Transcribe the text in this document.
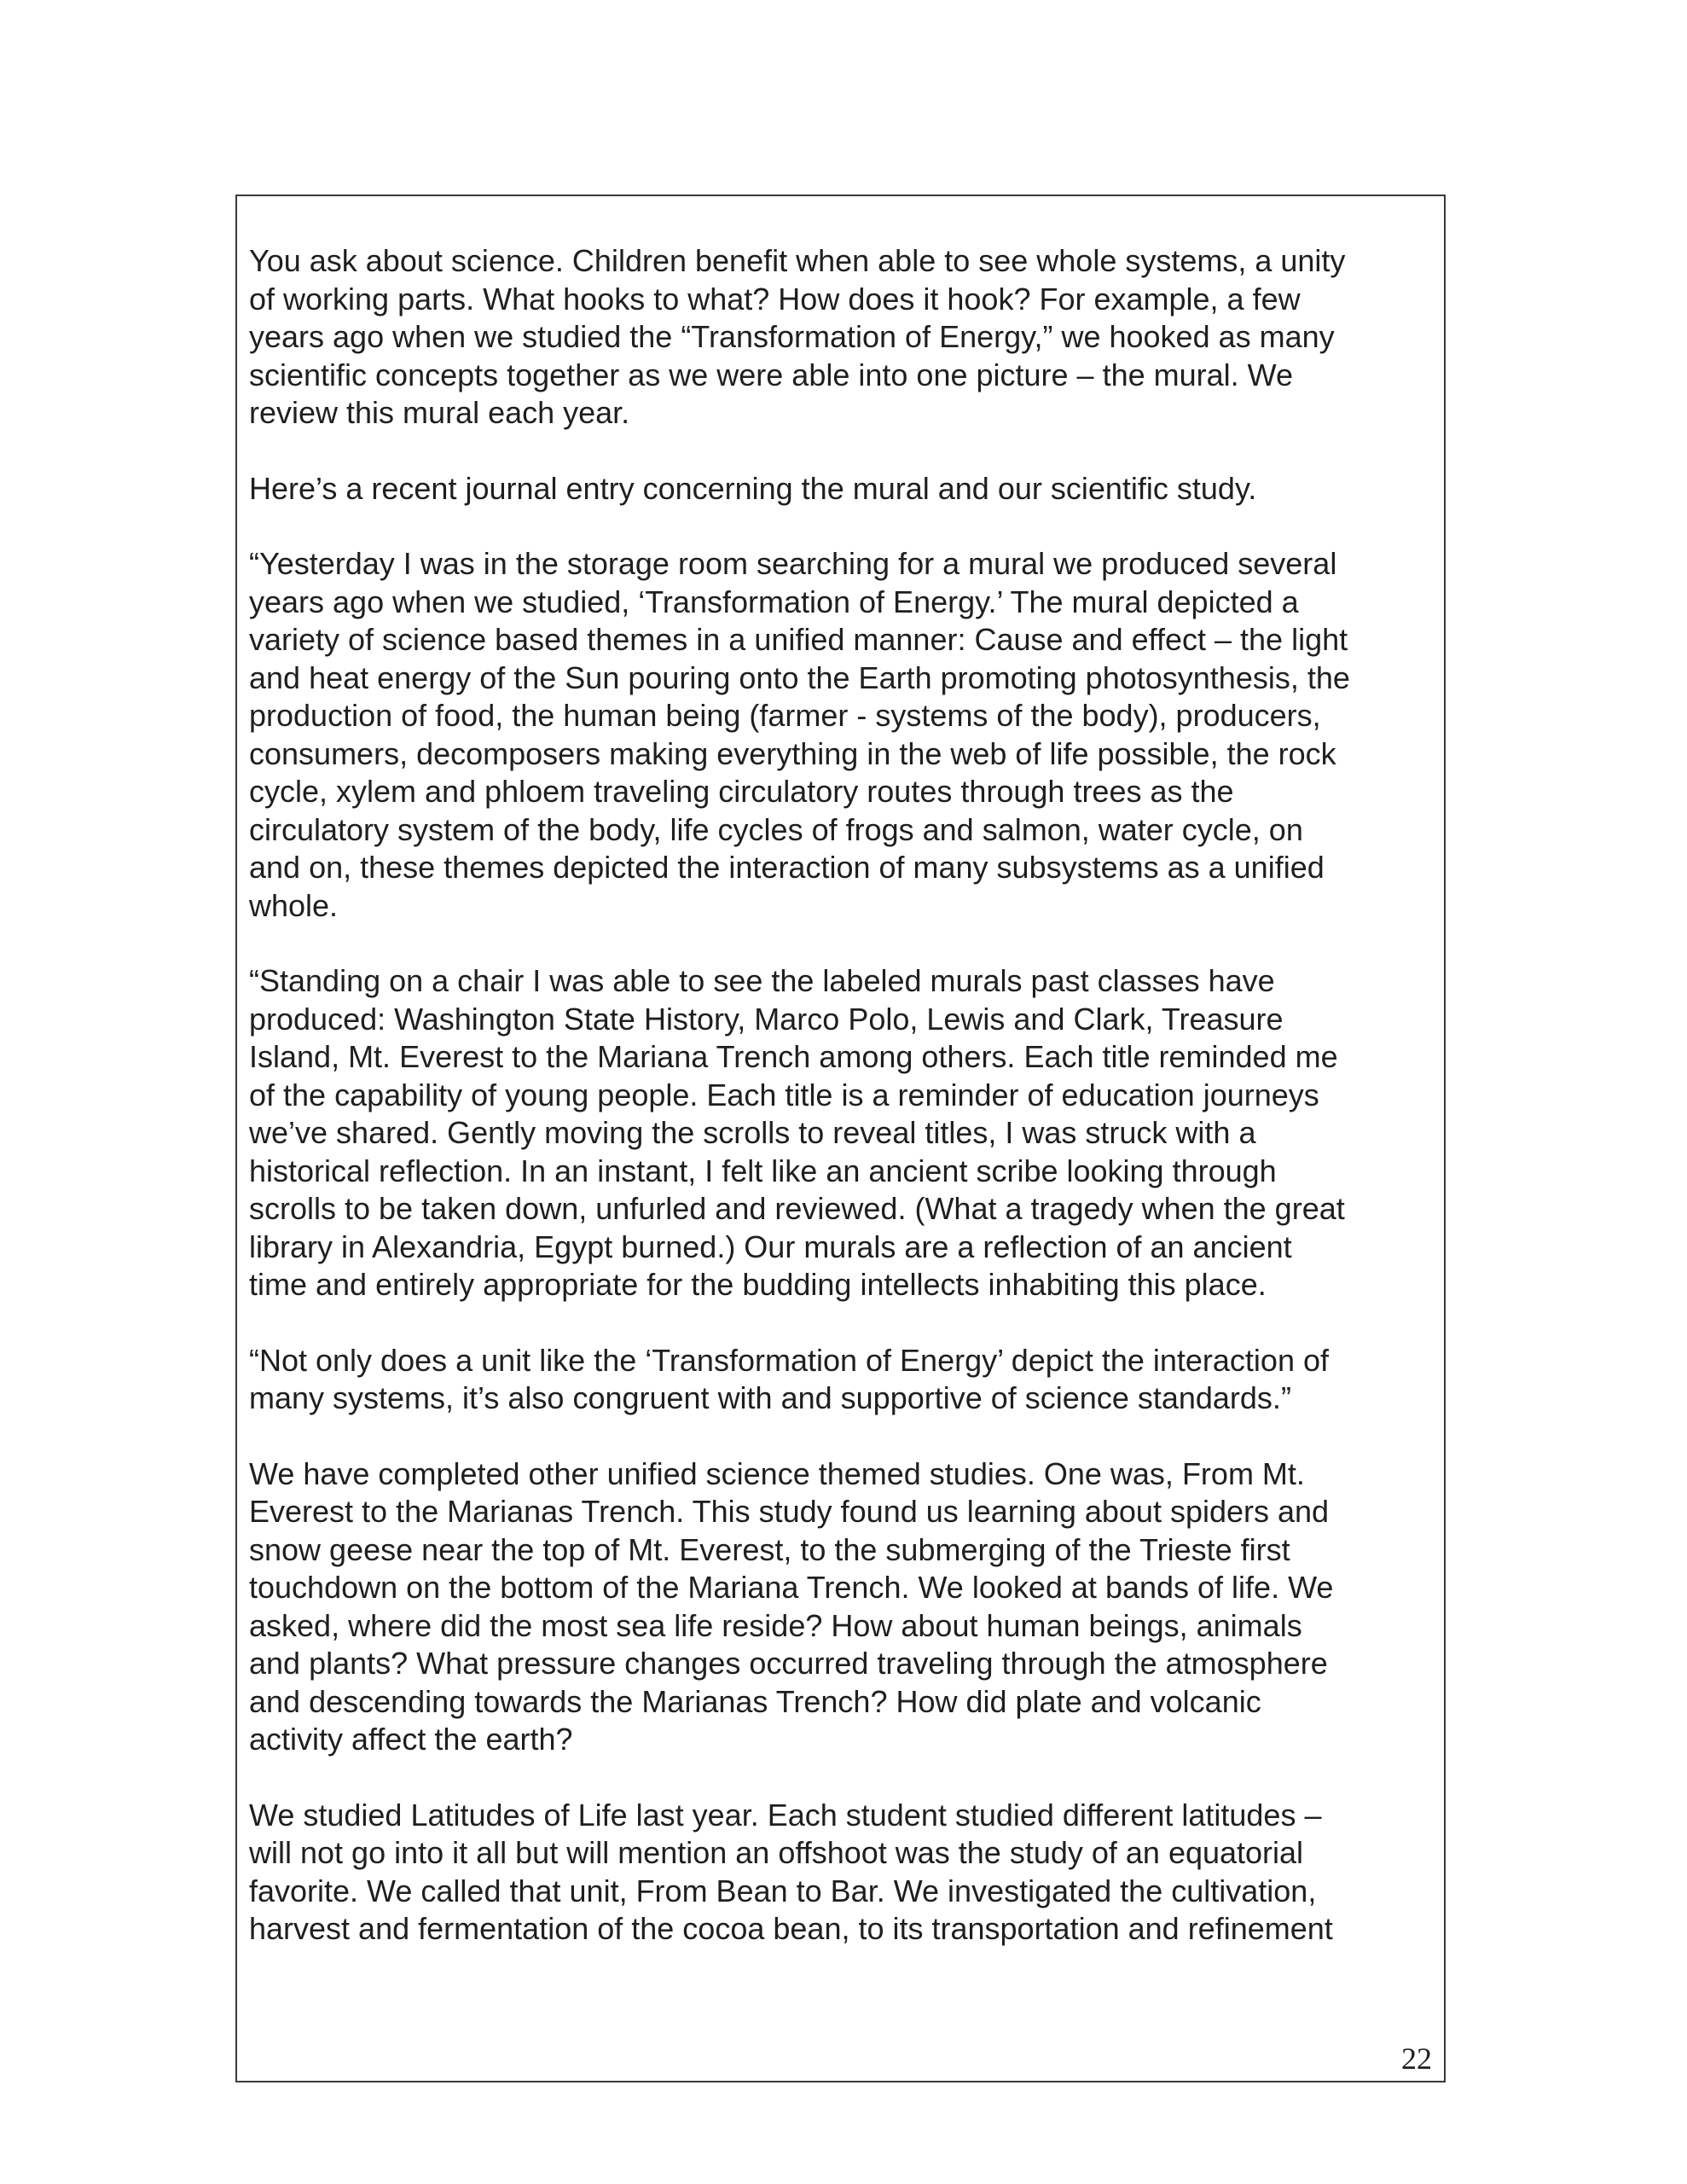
You ask about science. Children benefit when able to see whole systems, a unity
of working parts. What hooks to what? How does it hook? For example, a few
years ago when we studied the “Transformation of Energy,” we hooked as many
scientific concepts together as we were able into one picture – the mural. We
review this mural each year.

Here’s a recent journal entry concerning the mural and our scientific study.

“Yesterday I was in the storage room searching for a mural we produced several
years ago when we studied, ‘Transformation of Energy.’ The mural depicted a
variety of science based themes in a unified manner: Cause and effect – the light
and heat energy of the Sun pouring onto the Earth promoting photosynthesis, the
production of food, the human being (farmer - systems of the body), producers,
consumers, decomposers making everything in the web of life possible, the rock
cycle, xylem and phloem traveling circulatory routes through trees as the
circulatory system of the body, life cycles of frogs and salmon, water cycle, on
and on, these themes depicted the interaction of many subsystems as a unified
whole.

“Standing on a chair I was able to see the labeled murals past classes have
produced: Washington State History, Marco Polo, Lewis and Clark, Treasure
Island, Mt. Everest to the Mariana Trench among others. Each title reminded me
of the capability of young people. Each title is a reminder of education journeys
we’ve shared. Gently moving the scrolls to reveal titles, I was struck with a
historical reflection. In an instant, I felt like an ancient scribe looking through
scrolls to be taken down, unfurled and reviewed. (What a tragedy when the great
library in Alexandria, Egypt burned.) Our murals are a reflection of an ancient
time and entirely appropriate for the budding intellects inhabiting this place.

“Not only does a unit like the ‘Transformation of Energy’ depict the interaction of
many systems, it’s also congruent with and supportive of science standards.”

We have completed other unified science themed studies. One was, From Mt.
Everest to the Marianas Trench. This study found us learning about spiders and
snow geese near the top of Mt. Everest, to the submerging of the Trieste first
touchdown on the bottom of the Mariana Trench. We looked at bands of life. We
asked, where did the most sea life reside? How about human beings, animals
and plants? What pressure changes occurred traveling through the atmosphere
and descending towards the Marianas Trench? How did plate and volcanic
activity affect the earth?

We studied Latitudes of Life last year. Each student studied different latitudes –
will not go into it all but will mention an offshoot was the study of an equatorial
favorite. We called that unit, From Bean to Bar. We investigated the cultivation,
harvest and fermentation of the cocoa bean, to its transportation and refinement

22
